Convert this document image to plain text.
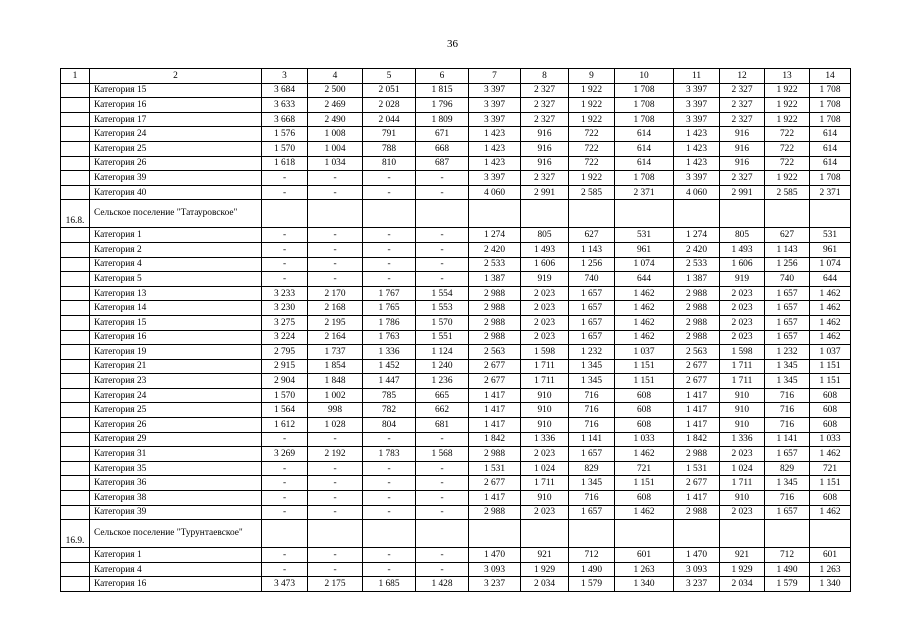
36
1	2	3	4	5	6	7	8	9	10	11	12	13	14
	Категория 15	3 684	2 500	2 051	1 815	3 397	2 327	1 922	1 708	3 397	2 327	1 922	1 708
	Категория 16	3 633	2 469	2 028	1 796	3 397	2 327	1 922	1 708	3 397	2 327	1 922	1 708
	Категория 17	3 668	2 490	2 044	1 809	3 397	2 327	1 922	1 708	3 397	2 327	1 922	1 708
	Категория 24	1 576	1 008	791	671	1 423	916	722	614	1 423	916	722	614
	Категория 25	1 570	1 004	788	668	1 423	916	722	614	1 423	916	722	614
	Категория 26	1 618	1 034	810	687	1 423	916	722	614	1 423	916	722	614
	Категория 39	-	-	-	-	3 397	2 327	1 922	1 708	3 397	2 327	1 922	1 708
	Категория 40	-	-	-	-	4 060	2 991	2 585	2 371	4 060	2 991	2 585	2 371
16.8.	Сельское поселение "Татауровское"												
	Категория 1	-	-	-	-	1 274	805	627	531	1 274	805	627	531
	Категория 2	-	-	-	-	2 420	1 493	1 143	961	2 420	1 493	1 143	961
	Категория 4	-	-	-	-	2 533	1 606	1 256	1 074	2 533	1 606	1 256	1 074
	Категория 5	-	-	-	-	1 387	919	740	644	1 387	919	740	644
	Категория 13	3 233	2 170	1 767	1 554	2 988	2 023	1 657	1 462	2 988	2 023	1 657	1 462
	Категория 14	3 230	2 168	1 765	1 553	2 988	2 023	1 657	1 462	2 988	2 023	1 657	1 462
	Категория 15	3 275	2 195	1 786	1 570	2 988	2 023	1 657	1 462	2 988	2 023	1 657	1 462
	Категория 16	3 224	2 164	1 763	1 551	2 988	2 023	1 657	1 462	2 988	2 023	1 657	1 462
	Категория 19	2 795	1 737	1 336	1 124	2 563	1 598	1 232	1 037	2 563	1 598	1 232	1 037
	Категория 21	2 915	1 854	1 452	1 240	2 677	1 711	1 345	1 151	2 677	1 711	1 345	1 151
	Категория 23	2 904	1 848	1 447	1 236	2 677	1 711	1 345	1 151	2 677	1 711	1 345	1 151
	Категория 24	1 570	1 002	785	665	1 417	910	716	608	1 417	910	716	608
	Категория 25	1 564	998	782	662	1 417	910	716	608	1 417	910	716	608
	Категория 26	1 612	1 028	804	681	1 417	910	716	608	1 417	910	716	608
	Категория 29	-	-	-	-	1 842	1 336	1 141	1 033	1 842	1 336	1 141	1 033
	Категория 31	3 269	2 192	1 783	1 568	2 988	2 023	1 657	1 462	2 988	2 023	1 657	1 462
	Категория 35	-	-	-	-	1 531	1 024	829	721	1 531	1 024	829	721
	Категория 36	-	-	-	-	2 677	1 711	1 345	1 151	2 677	1 711	1 345	1 151
	Категория 38	-	-	-	-	1 417	910	716	608	1 417	910	716	608
	Категория 39	-	-	-	-	2 988	2 023	1 657	1 462	2 988	2 023	1 657	1 462
16.9.	Сельское поселение "Турунтаевское"												
	Категория 1	-	-	-	-	1 470	921	712	601	1 470	921	712	601
	Категория 4	-	-	-	-	3 093	1 929	1 490	1 263	3 093	1 929	1 490	1 263
	Категория 16	3 473	2 175	1 685	1 428	3 237	2 034	1 579	1 340	3 237	2 034	1 579	1 340
